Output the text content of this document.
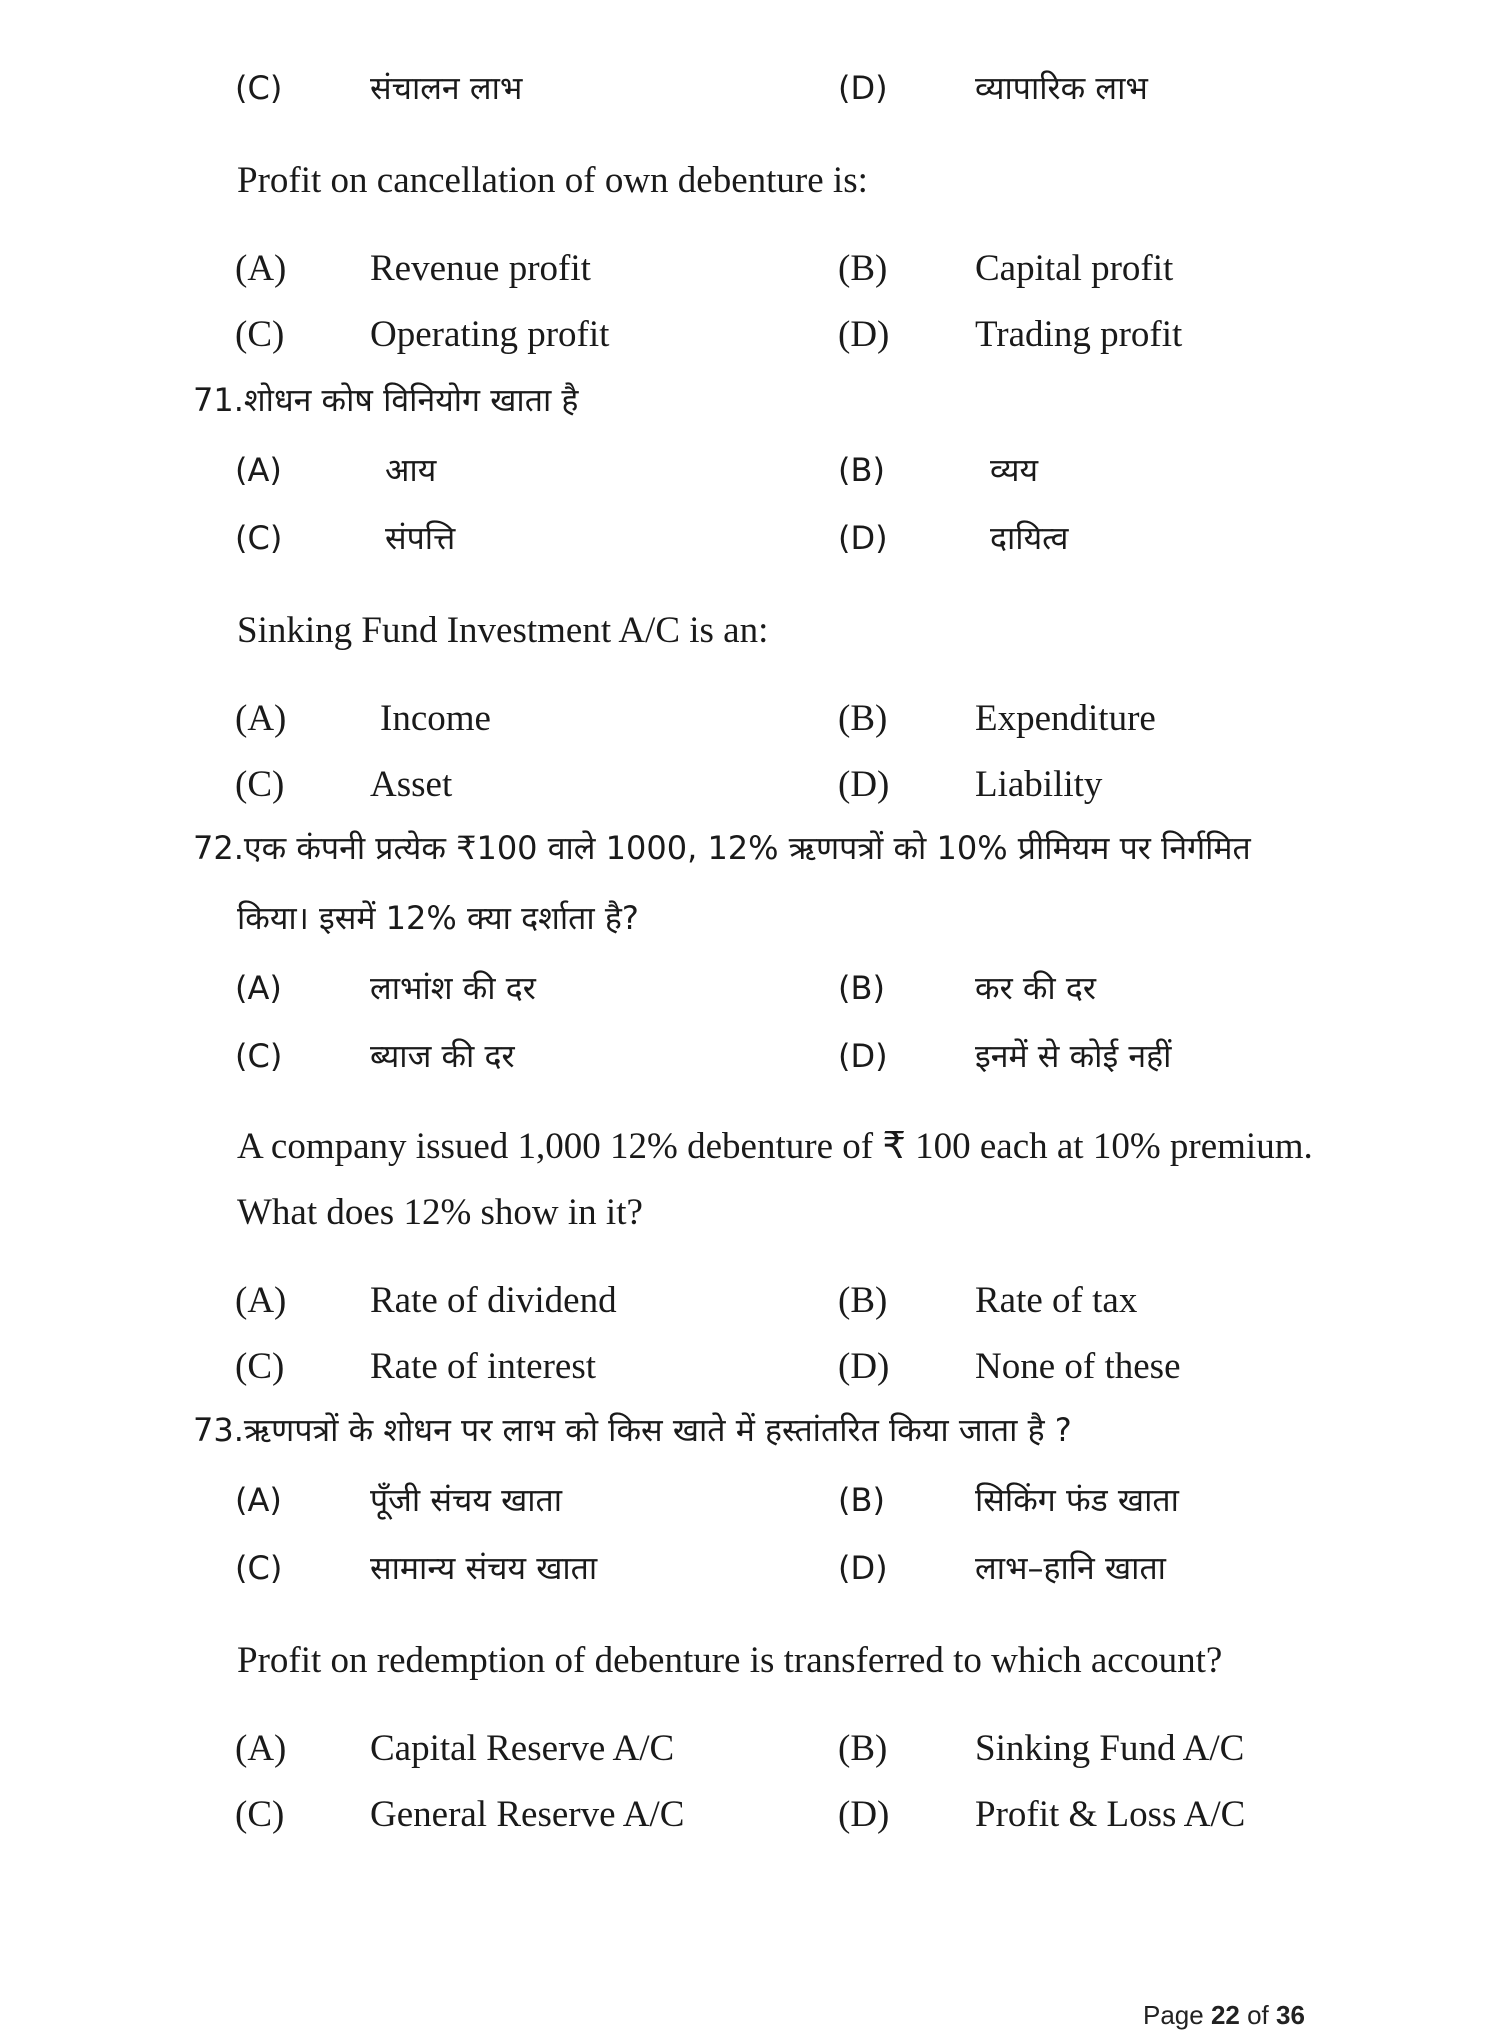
(C)	संचालन लाभ	(D)	व्यापारिक लाभ
Profit on cancellation of own debenture is:
(A) Revenue profit	(B) Capital profit
(C) Operating profit	(D) Trading profit
71.शोधन कोष विनियोग खाता है
(A)	आय	(B)	व्यय
(C)	संपत्ति	(D)	दायित्व
Sinking Fund Investment A/C is an:
(A)	Income	(B) Expenditure
(C) Asset	(D) Liability
72.एक कंपनी प्रत्येक ₹100 वाले 1000, 12% ऋणपत्रों को 10% प्रीमियम पर निर्गमित
किया। इसमें 12% क्या दर्शाता है?
(A)	लाभांश की दर	(B)	कर की दर
(C)	ब्याज की दर	(D)	इनमें से कोई नहीं
A company issued 1,000 12% debenture of ₹ 100 each at 10% premium.
What does 12% show in it?
(A) Rate of dividend	(B) Rate of tax
(C) Rate of interest	(D) None of these
73.ऋणपत्रों के शोधन पर लाभ को किस खाते में हस्तांतरित किया जाता है ?
(A)	पूँजी संचय खाता	(B)	सिकिंग फंड खाता
(C)	सामान्य संचय खाता	(D)	लाभ–हानि खाता
Profit on redemption of debenture is transferred to which account?
(A) Capital Reserve A/C	(B) Sinking Fund A/C
(C) General Reserve A/C	(D) Profit & Loss A/C
Page 22 of 36
